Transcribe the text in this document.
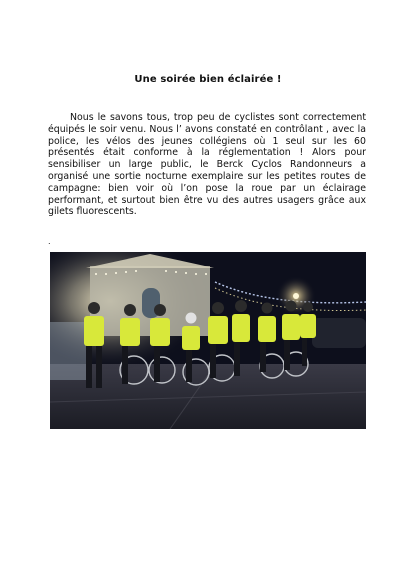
Une soirée bien éclairée !

Nous le savons tous, trop peu de cyclistes sont correctement équipés le soir venu. Nous l’ avons constaté en contrôlant , avec la police, les vélos des jeunes collégiens où 1 seul sur les 60 présentés était conforme à la réglementation ! Alors pour sensibiliser un large public, le Berck Cyclos Randonneurs a organisé une sortie nocturne exemplaire sur les petites routes de campagne: bien voir où l’on pose la roue par un éclairage performant, et surtout bien être vu des autres usagers grâce aux gilets fluorescents.

.
